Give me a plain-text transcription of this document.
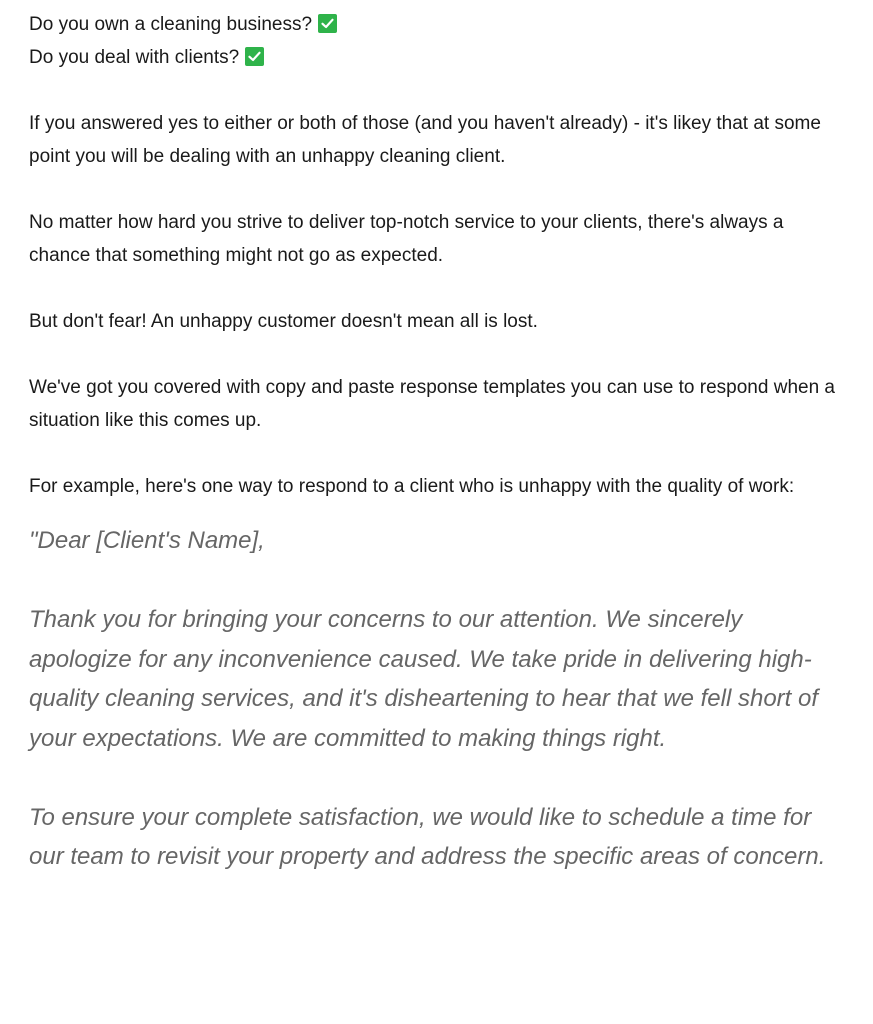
Do you own a cleaning business?

Do you deal with clients?

If you answered yes to either or both of those (and you haven't already) - it's likey that at some point you will be dealing with an unhappy cleaning client.

No matter how hard you strive to deliver top-notch service to your clients, there's always a chance that something might not go as expected.

But don't fear! An unhappy customer doesn't mean all is lost.

We've got you covered with copy and paste response templates you can use to respond when a situation like this comes up.

For example, here's one way to respond to a client who is unhappy with the quality of work:

"Dear [Client's Name],

Thank you for bringing your concerns to our attention. We sincerely apologize for any inconvenience caused. We take pride in delivering high-quality cleaning services, and it's disheartening to hear that we fell short of your expectations. We are committed to making things right.

To ensure your complete satisfaction, we would like to schedule a time for our team to revisit your property and address the specific areas of concern.
